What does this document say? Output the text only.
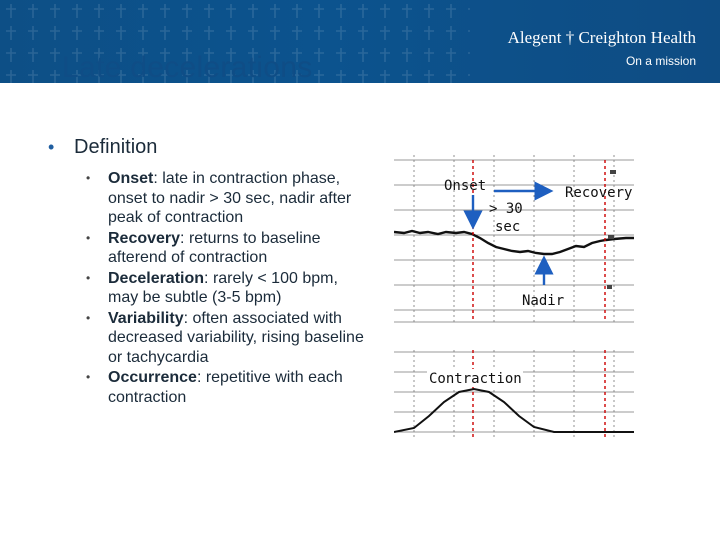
Alegent † Creighton Health
On a mission
Late decelerations
• Definition
•	Onset: late in contraction phase, onset to nadir > 30 sec, nadir after peak of contraction
•	Recovery: returns to baseline afterend of contraction
•	Deceleration: rarely < 100 bpm, may be subtle (3-5 bpm)
•	Variability: often associated with decreased variability, rising baseline or tachycardia
•	Occurrence: repetitive with each contraction
Onset	Recovery
> 30
sec
Nadir
Contraction
